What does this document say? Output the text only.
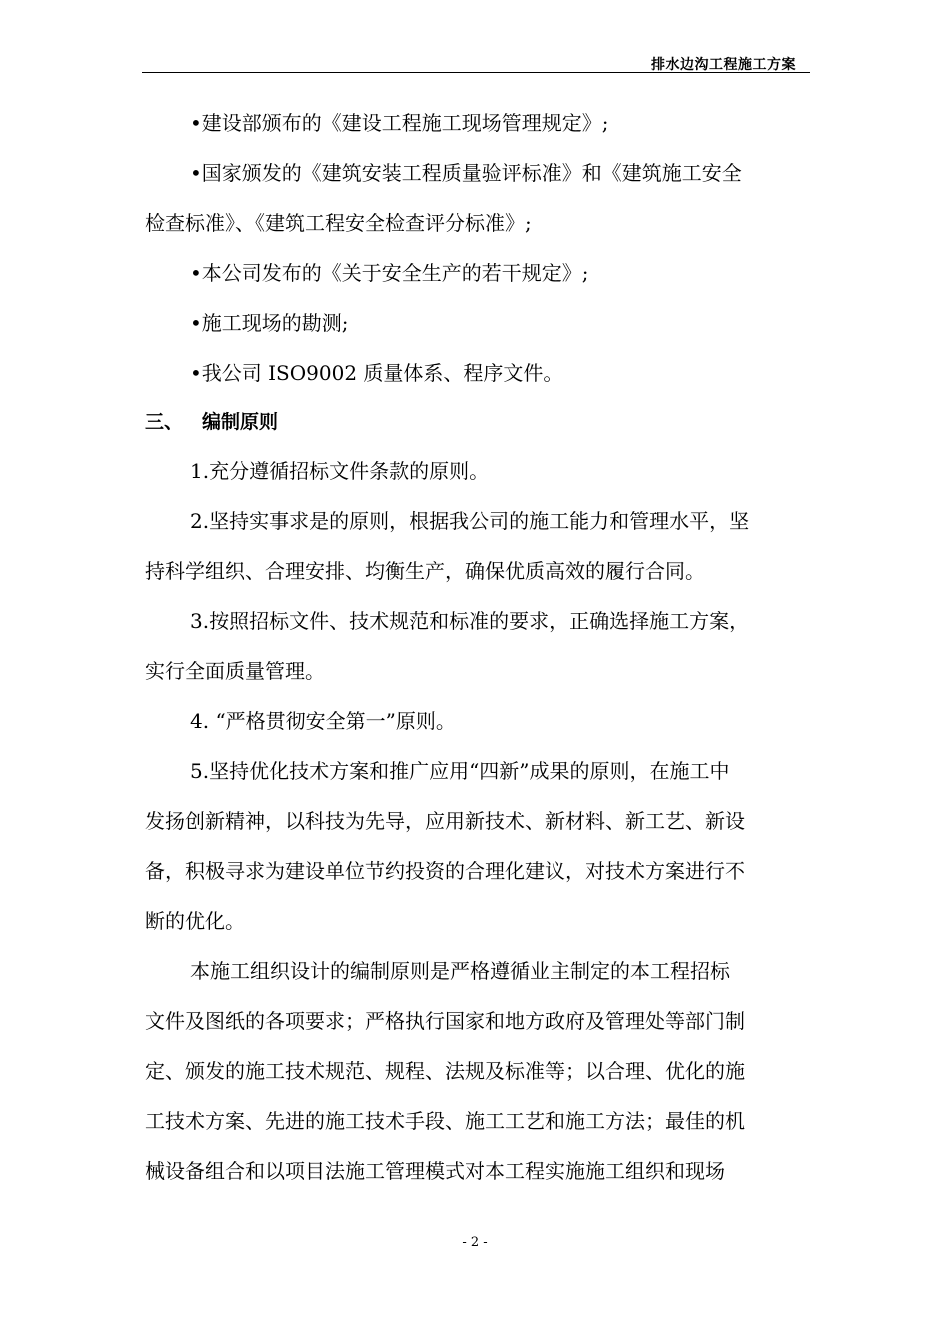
排水边沟工程施工方案

•建设部颁布的《建设工程施工现场管理规定》;

•国家颁发的《建筑安装工程质量验评标准》和《建筑施工安全

检查标准》、《建筑工程安全检查评分标准》;

•本公司发布的《关于安全生产的若干规定》;

•施工现场的勘测;

•我公司 ISO9002 质量体系、程序文件。

三、 编制原则

1.充分遵循招标文件条款的原则。

2.坚持实事求是的原则，根据我公司的施工能力和管理水平，坚

持科学组织、合理安排、均衡生产，确保优质高效的履行合同。

3.按照招标文件、技术规范和标准的要求，正确选择施工方案，

实行全面质量管理。

4. “严格贯彻安全第一”原则。

5.坚持优化技术方案和推广应用“四新”成果的原则，在施工中

发扬创新精神，以科技为先导，应用新技术、新材料、新工艺、新设

备，积极寻求为建设单位节约投资的合理化建议，对技术方案进行不

断的优化。

本施工组织设计的编制原则是严格遵循业主制定的本工程招标

文件及图纸的各项要求；严格执行国家和地方政府及管理处等部门制

定、颁发的施工技术规范、规程、法规及标准等；以合理、优化的施

工技术方案、先进的施工技术手段、施工工艺和施工方法；最佳的机

械设备组合和以项目法施工管理模式对本工程实施施工组织和现场

- 2 -
